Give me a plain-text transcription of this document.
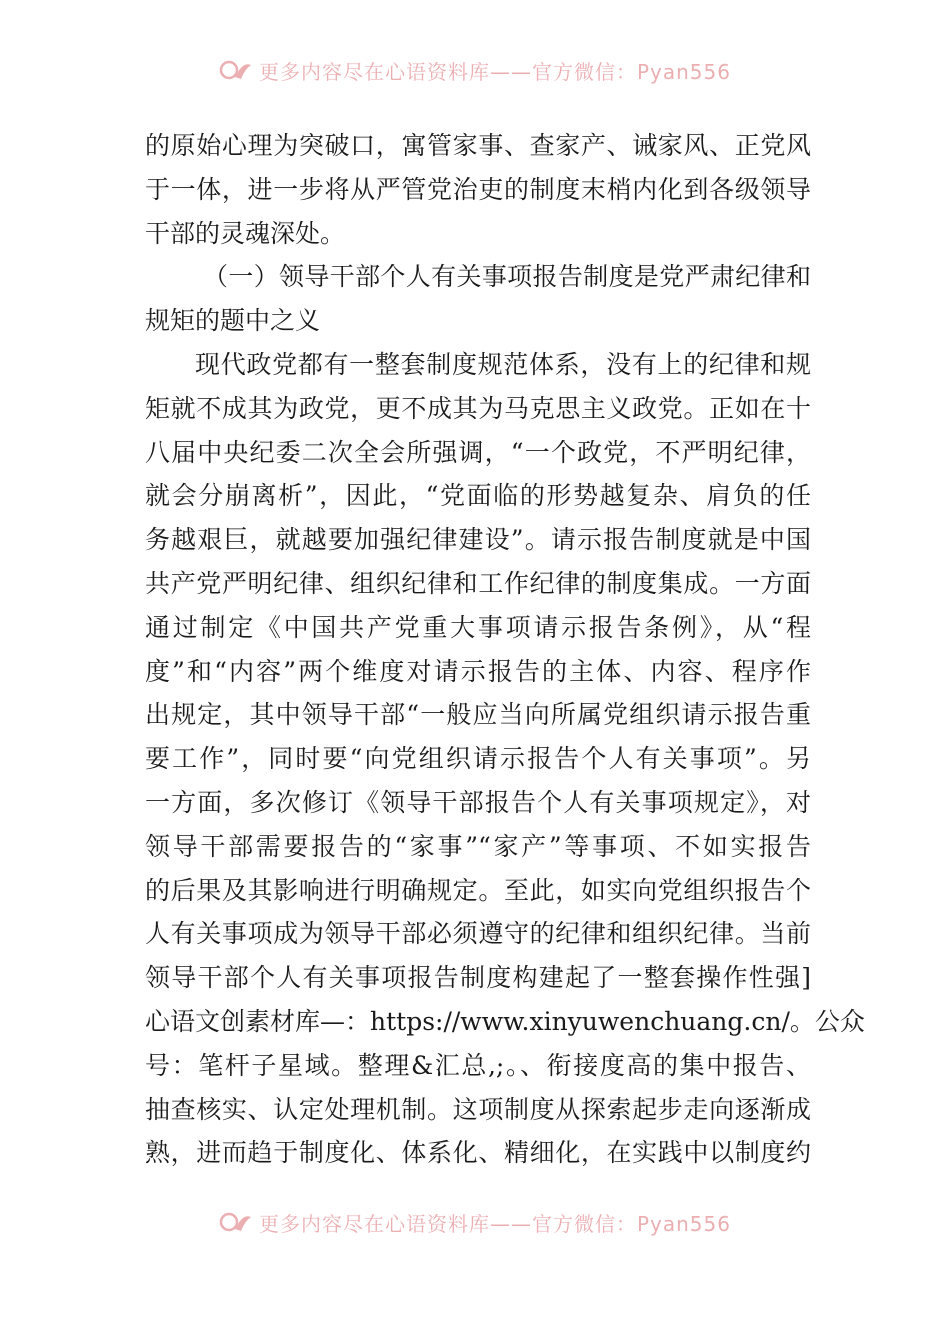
更多内容尽在心语资料库——官方微信：Pyan556
的原始心理为突破口，寓管家事、查家产、诫家风、正党风
于一体，进一步将从严管党治吏的制度末梢内化到各级领导
干部的灵魂深处。
（一）领导干部个人有关事项报告制度是党严肃纪律和
规矩的题中之义
现代政党都有一整套制度规范体系，没有上的纪律和规
矩就不成其为政党，更不成其为马克思主义政党。正如在十
八届中央纪委二次全会所强调，“一个政党，不严明纪律，
就会分崩离析”，因此，“党面临的形势越复杂、肩负的任
务越艰巨，就越要加强纪律建设”。请示报告制度就是中国
共产党严明纪律、组织纪律和工作纪律的制度集成。一方面
通过制定《中国共产党重大事项请示报告条例》，从“程
度”和“内容”两个维度对请示报告的主体、内容、程序作
出规定，其中领导干部“一般应当向所属党组织请示报告重
要工作”，同时要“向党组织请示报告个人有关事项”。另
一方面，多次修订《领导干部报告个人有关事项规定》，对
领导干部需要报告的“家事”“家产”等事项、不如实报告
的后果及其影响进行明确规定。至此，如实向党组织报告个
人有关事项成为领导干部必须遵守的纪律和组织纪律。当前
领导干部个人有关事项报告制度构建起了一整套操作性强]
心语文创素材库—：https://www.xinyuwenchuang.cn/。公众
号：笔杆子星域。整理&汇总,;。、衔接度高的集中报告、
抽查核实、认定处理机制。这项制度从探索起步走向逐渐成
熟，进而趋于制度化、体系化、精细化，在实践中以制度约
更多内容尽在心语资料库——官方微信：Pyan556
